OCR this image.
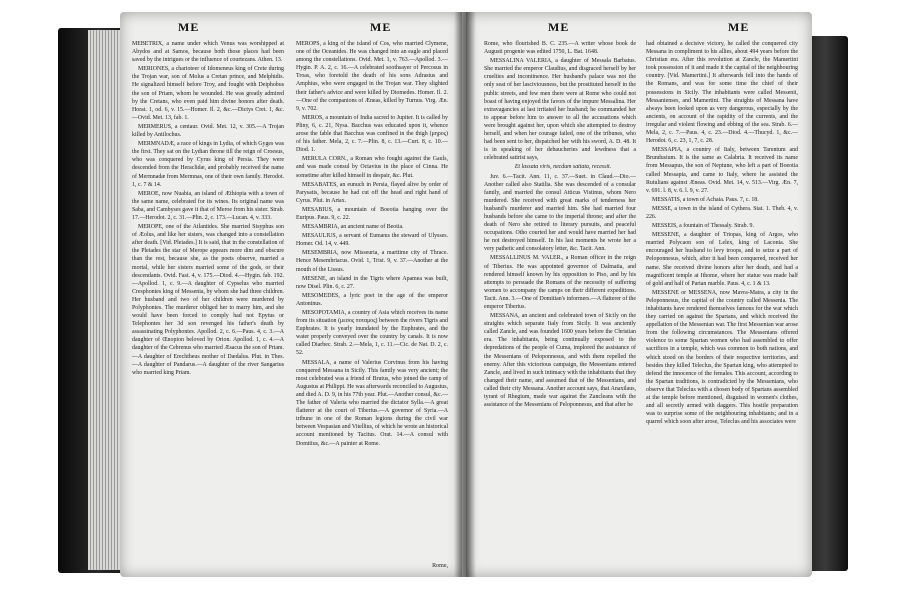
ME	ME

MEBETRIX, a name under which Venus was worshipped at Abydos and at Samos, because both those places had been saved by the intrigues or the influence of courtezans. Athen. 13.

MERIONES, a charioteer of Idomeneus king of Crete during the Trojan war, son of Molus a Cretan prince, and Melphidis. He signalized himself before Troy, and fought with Deiphobus the son of Priam, whom he wounded. He was greatly admired by the Cretans, who even paid him divine honors after death. Horat. 1, od. 6, v. 15.—Homer. Il. 2, &c.—Dictys Cret. 1, &c.—Ovid. Met. 13, fab. 1.

MERMERUS, a centaur. Ovid. Met. 12, v. 305.—A Trojan killed by Antilochus.

MERMNADÆ, a race of kings in Lydia, of which Gyges was the first. They sat on the Lydian throne till the reign of Croesus, who was conquered by Cyrus king of Persia. They were descended from the Heraclidæ, and probably received the name of Mermnadæ from Mermnas, one of their own family. Herodot. 1, c. 7 & 14.

MEROE, now Nuabia, an island of Æthiopia with a town of the same name, celebrated for its wines. Its original name was Saba, and Cambyses gave it that of Meroe from his sister. Strab. 17.—Herodot. 2, c. 31.—Plin. 2, c. 173.—Lucan. 4, v. 333.

MEROPE, one of the Atlantides. She married Sisyphus son of Æolus, and like her sisters, was changed into a constellation after death. [Vid. Pleiades.] It is said, that in the constellation of the Pleiades the star of Merope appears more dim and obscure than the rest, because she, as the poets observe, married a mortal, while her sisters married some of the gods, or their descendants. Ovid. Fast. 4, v. 175.—Diod. 4.—Hygin. fab. 192.—Apollod. 1, c. 9.—A daughter of Cypselus who married Cresphontes king of Messenia, by whom she had three children. Her husband and two of her children were murdered by Polyphontes. The murderer obliged her to marry him, and she would have been forced to comply had not Epytus or Telephontes her 3d son revenged his father's death by assassinating Polyphontes. Apollod. 2, c. 6.—Paus. 4, c. 3.—A daughter of Œnopion beloved by Orion. Apollod. 1, c. 4.—A daughter of the Cebrenus who married Æsacus the son of Priam.—A daughter of Erechtheus mother of Dædalus. Plut. in Thes.—A daughter of Pandarus.—A daughter of the river Sangarius who married king Priam.

MEROPS, a king of the island of Cos, who married Clymene, one of the Oceanides. He was changed into an eagle and placed among the constellations. Ovid. Met. 1, v. 763.—Apollod. 3.—Hygin. P. A. 2, c. 16.—A celebrated soothsayer of Percosus in Troas, who foretold the death of his sons Adrastus and Amphius, who were engaged in the Trojan war. They slighted their father's advice and were killed by Diomedes. Homer. Il. 2.—One of the companions of Æneas, killed by Turnus. Virg. Æn. 9, v. 702.

MEROS, a mountain of India sacred to Jupiter. It is called by Pliny, 6, c. 21, Nysa. Bacchus was educated upon it, whence arose the fable that Bacchus was confined in the thigh (μηρος) of his father. Mela, 2, c. 7.—Plin. 8, c. 13.—Curt. 8, c. 10.—Diod. 1.

MERULA CORN., a Roman who fought against the Gauls, and was made consul by Octavius in the place of Cinna. He sometime after killed himself in despair, &c. Plut.

MESABATES, an eunuch in Persia, flayed alive by order of Parysatis, because he had cut off the head and right hand of Cyrus. Plut. in Artax.

MESABIUS, a mountain of Boeotia hanging over the Euripus. Paus. 9, c. 22.

MESAMBRIA, an ancient name of Beotia.

MESAULIUS, a servant of Eumæus the steward of Ulysses. Homer. Od. 14, v. 449.

MESEMBRIA, now Misseuria, a maritime city of Thrace. Hence Mesembriacus. Ovid. 1, Trist. 9, v. 37.—Another at the mouth of the Lissus.

MESENE, an island in the Tigris where Apamea was built, now Disel. Plin. 6, c. 27.

MESOMEDES, a lyric poet in the age of the emperor Antoninus.

MESOPOTAMIA, a country of Asia which receives its name from its situation (μεσος ποταμος) between the rivers Tigris and Euphrates. It is yearly inundated by the Euphrates, and the water properly conveyed over the country by canals. It is now called Diarbec. Strab. 2.—Mela, 1, c. 11.—Cic. de Nat. D. 2, c. 52.

MESSALA, a name of Valerius Corvinus from his having conquered Messana in Sicily. This family was very ancient; the most celebrated was a friend of Brutus, who joined the camp of Augustus at Philippi. He was afterwards reconciled to Augustus, and died A. D. 9, in his 77th year. Plut.—Another consul, &c.—The father of Valeria who married the dictator Sylla.—A great flatterer at the court of Tiberius.—A governor of Syria.—A tribune in one of the Roman legions during the civil war between Vespasian and Vitellius, of which he wrote an historical account mentioned by Tacitus. Orat. 14.—A consul with Domitius, &c.—A painter at Rome.

Rome,
ME	ME

Rome, who flourished B. C. 235.—A writer whose book de Augusti progenie was edited 1750, L. Bat. 1648.

MESSALINA VALERIA, a daughter of Messala Barbatus. She married the emperor Claudius, and disgraced herself by her cruelties and incontinence. Her husband's palace was not the only seat of her lasciviousness, but the prostituted herself in the public streets, and few men there were at Rome who could not boast of having enjoyed the favors of the impure Messalina. Her extravagancies at last irritated her husband; he commanded her to appear before him to answer to all the accusations which were brought against her, upon which she attempted to destroy herself, and when her courage failed, one of the tribunes, who had been sent to her, dispatched her with his sword, A. D. 48. It is in speaking of her debaucheries and lewdness that a celebrated satirist says,

Et lassata viris, necdum satiata, recessit.

Juv. 6.—Tacit. Ann. 11, c. 37.—Suet. in Claud.—Dio.—Another called also Statilia. She was descended of a consular family, and married the consul Atticus Vistinus, whom Nero murdered. She received with great marks of tenderness her husband's murderer and married him. She had married four husbands before she came to the imperial throne; and after the death of Nero she retired to literary pursuits, and peaceful occupations. Otho courted her and would have married her had he not destroyed himself. In his last moments he wrote her a very pathetic and consolatory letter, &c. Tacit. Ann.

MESSALLINUS M. VALER., a Roman officer in the reign of Tiberius. He was appointed governor of Dalmatia, and rendered himself known by his opposition to Piso, and by his attempts to persuade the Romans of the necessity of suffering women to accompany the camps on their different expeditions. Tacit. Ann. 3.—One of Domitian's informers.—A flatterer of the emperor Tiberius.

MESSANA, an ancient and celebrated town of Sicily on the straights which separate Italy from Sicily. It was anciently called Zancle, and was founded 1600 years before the Christian era. The inhabitants, being continually exposed to the depredations of the people of Cuma, implored the assistance of the Messenians of Peloponnesus, and with them repelled the enemy. After this victorious campaign, the Messenians entered Zancle, and lived in such intimacy with the inhabitants that they changed their name, and assumed that of the Messenians, and called their city Messana. Another account says, that Anaxilaus, tyrant of Rhegium, made war against the Zancleans with the assistance of the Messenians of Peloponnesus, and that after he

had obtained a decisive victory, he called the conquered city Messana in compliment to his allies, about 494 years before the Christian era. After this revolution at Zancle, the Mamertini took possession of it and made it the capital of the neighbouring country. [Vid. Mamertini.] It afterwards fell into the hands of the Romans, and was for some time the chief of their possessions in Sicily. The inhabitants were called Messenii, Messanienses, and Mamertini. The straights of Messana have always been looked upon as very dangerous, especially by the ancients, on account of the rapidity of the currents, and the irregular and violent flowing and ebbing of the sea. Strab. 6.—Mela, 2, c. 7.—Paus. 4, c. 23.—Diod. 4.—Thucyd. 1, &c.—Herodot. 6, c. 23, 1, 7, c. 28.

MESSAPIA, a country of Italy, between Tarentum and Brundusium. It is the same as Calabria. It received its name from Messapus, the son of Neptune, who left a part of Boeotia called Messapia, and came to Italy, where he assisted the Rutulians against Æneas. Ovid. Met. 14, v. 513.—Virg. Æn. 7, v. 691. l. 8, v. 6. l. 9, v. 27.

MESSATIS, a town of Achaia. Paus. 7, c. 18.

MESSE, a town in the island of Cythera. Stat. 1. Theb. 4, v. 226.

MESSEIS, a fountain of Thessaly. Strab. 9.

MESSENE, a daughter of Triopas, king of Argos, who married Polycaon son of Lelex, king of Laconia. She encouraged her husband to levy troops, and to seize a part of Peloponnesus, which, after it had been conquered, received her name. She received divine honors after her death, and had a magnificent temple at Ithome, where her statue was made half of gold and half of Parian marble. Paus. 4, c. 1 & 13.

MESSENE or MESSENA, now Mavra-Matra, a city in the Peloponnesus, the capital of the country called Messenia. The inhabitants have rendered themselves famous for the war which they carried on against the Spartans, and which received the appellation of the Messenian war. The first Messenian war arose from the following circumstances. The Messenians offered violence to some Spartan women who had assembled to offer sacrifices in a temple, which was common to both nations, and which stood on the borders of their respective territories, and besides they killed Teleclus, the Spartan king, who attempted to defend the innocence of the females. This account, according to the Spartan traditions, is contradicted by the Messenians, who observe that Teleclus with a chosen body of Spartans assembled at the temple before mentioned, disguised in women's clothes, and all secretly armed with daggers. This hostile preparation was to surprise some of the neighbouring inhabitants; and in a quarrel which soon after arose, Teleclus and his associates were
